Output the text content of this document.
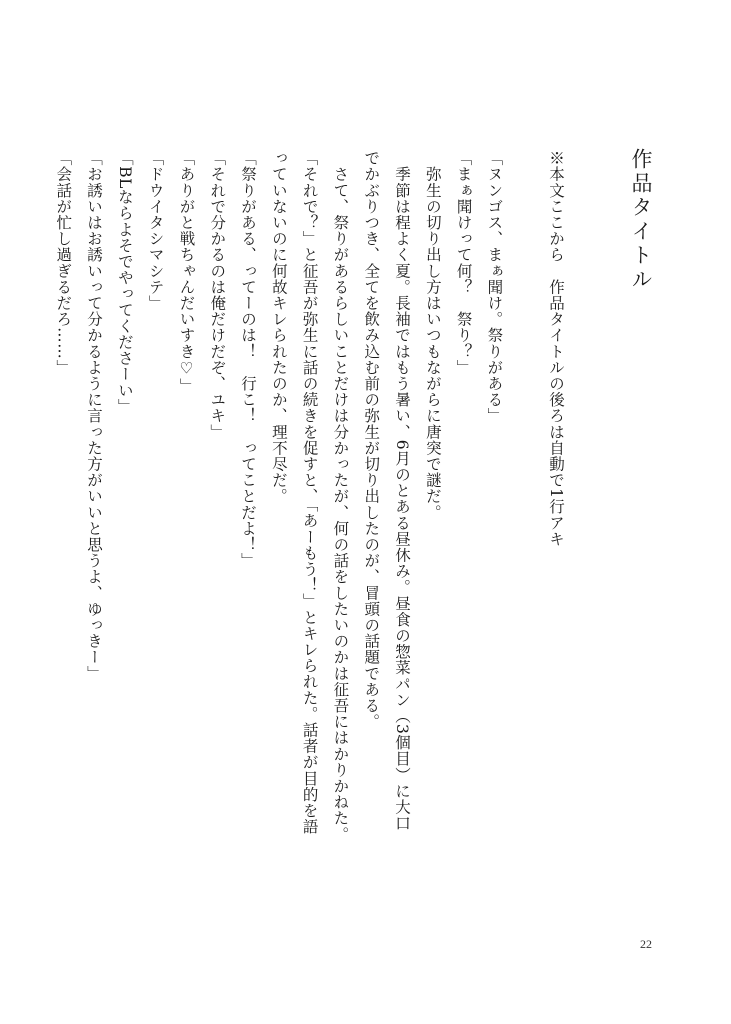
作品タイトル
※本文ここから　作品タイトルの後ろは自動で1行アキ
「ヌンゴス、まぁ聞け。祭りがある」
「まぁ聞けって何？　祭り？」
　弥生の切り出し方はいつもながらに唐突で謎だ。
　季節は程よく夏。長袖ではもう暑い、6月のとある昼休み。昼食の惣菜パン（3個目）に大口
でかぶりつき、全てを飲み込む前の弥生が切り出したのが、冒頭の話題である。
　さて、祭りがあるらしいことだけは分かったが、何の話をしたいのかは征吾にはかりかねた。
「それで？」と征吾が弥生に話の続きを促すと、「あーもう！」とキレられた。話者が目的を語
っていないのに何故キレられたのか、理不尽だ。
「祭りがある、ってーのは！　行こ！　ってことだよ！」
「それで分かるのは俺だけだぞ、ユキ」
「ありがと戦ちゃんだいすき♡」
「ドウイタシマシテ」
「BLならよそでやってくださーい」
「お誘いはお誘いって分かるように言った方がいいと思うよ、ゆっきー」
「会話が忙し過ぎるだろ……」
22
